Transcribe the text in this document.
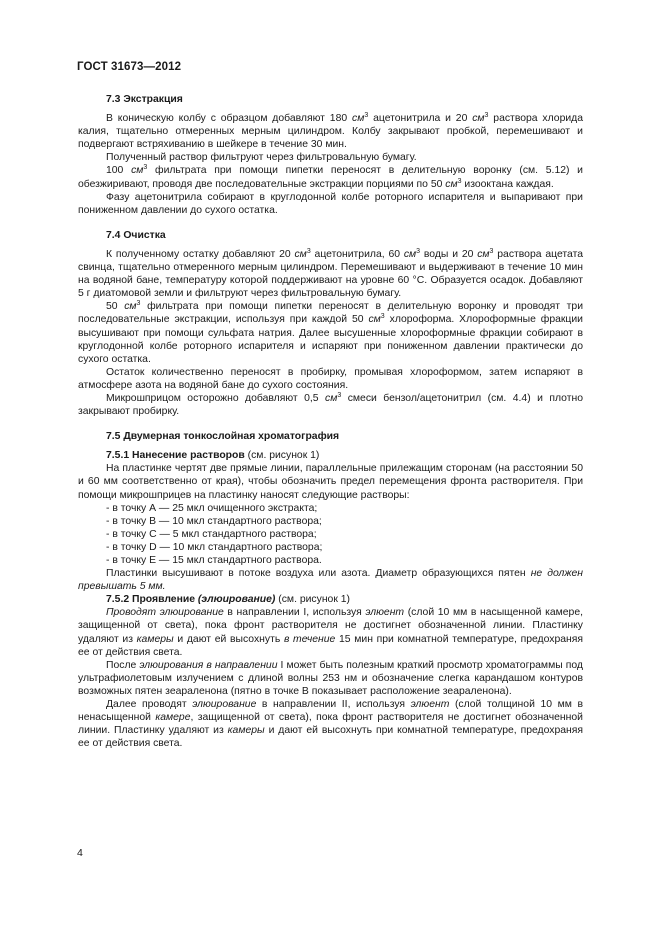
ГОСТ 31673—2012
7.3 Экстракция

В коническую колбу с образцом добавляют 180 $см^3$ ацетонитрила и 20 $см^3$ раствора хлорида калия, тщательно отмеренных мерным цилиндром. Колбу закрывают пробкой, перемешивают и подвергают встряхиванию в шейкере в течение 30 мин.

Полученный раствор фильтруют через фильтровальную бумагу.

100 $см^3$ фильтрата при помощи пипетки переносят в делительную воронку (см. 5.12) и обезжиривают, проводя две последовательные экстракции порциями по 50 $см^3$ изооктана каждая.

Фазу ацетонитрила собирают в круглодонной колбе роторного испарителя и выпаривают при пониженном давлении до сухого остатка.

7.4 Очистка

К полученному остатку добавляют 20 $см^3$ ацетонитрила, 60 $см^3$ воды и 20 $см^3$ раствора ацетата свинца, тщательно отмеренного мерным цилиндром. Перемешивают и выдерживают в течение 10 мин на водяной бане, температуру которой поддерживают на уровне 60 °С. Образуется осадок. Добавляют 5 г диатомовой земли и фильтруют через фильтровальную бумагу.

50 $см^3$ фильтрата при помощи пипетки переносят в делительную воронку и проводят три последовательные экстракции, используя при каждой 50 $см^3$ хлороформа. Хлороформные фракции высушивают при помощи сульфата натрия. Далее высушенные хлороформные фракции собирают в круглодонной колбе роторного испарителя и испаряют при пониженном давлении практически до сухого остатка.

Остаток количественно переносят в пробирку, промывая хлороформом, затем испаряют в атмосфере азота на водяной бане до сухого состояния.

Микрошприцом осторожно добавляют 0,5 $см^3$ смеси бензол/ацетонитрил (см. 4.4) и плотно закрывают пробирку.

7.5 Двумерная тонкослойная хроматография

7.5.1 Нанесение растворов (см. рисунок 1)

На пластинке чертят две прямые линии, параллельные прилежащим сторонам (на расстоянии 50 и 60 мм соответственно от края), чтобы обозначить предел перемещения фронта растворителя. При помощи микрошприцев на пластинку наносят следующие растворы:

- в точку А — 25 мкл очищенного экстракта;

- в точку В — 10 мкл стандартного раствора;

- в точку С — 5 мкл стандартного раствора;

- в точку D — 10 мкл стандартного раствора;

- в точку Е — 15 мкл стандартного раствора.

Пластинки высушивают в потоке воздуха или азота. Диаметр образующихся пятен не должен превышать 5 мм.

7.5.2 Проявление (элюирование) (см. рисунок 1)

Проводят элюирование в направлении I, используя элюент (слой 10 мм в насыщенной камере, защищенной от света), пока фронт растворителя не достигнет обозначенной линии. Пластинку удаляют из камеры и дают ей высохнуть в течение 15 мин при комнатной температуре, предохраняя ее от действия света.

После элюирования в направлении I может быть полезным краткий просмотр хроматограммы под ультрафиолетовым излучением с длиной волны 253 нм и обозначение слегка карандашом контуров возможных пятен зеараленона (пятно в точке В показывает расположение зеараленона).

Далее проводят элюирование в направлении II, используя элюент (слой толщиной 10 мм в ненасыщенной камере, защищенной от света), пока фронт растворителя не достигнет обозначенной линии. Пластинку удаляют из камеры и дают ей высохнуть при комнатной температуре, предохраняя ее от действия света.

4
